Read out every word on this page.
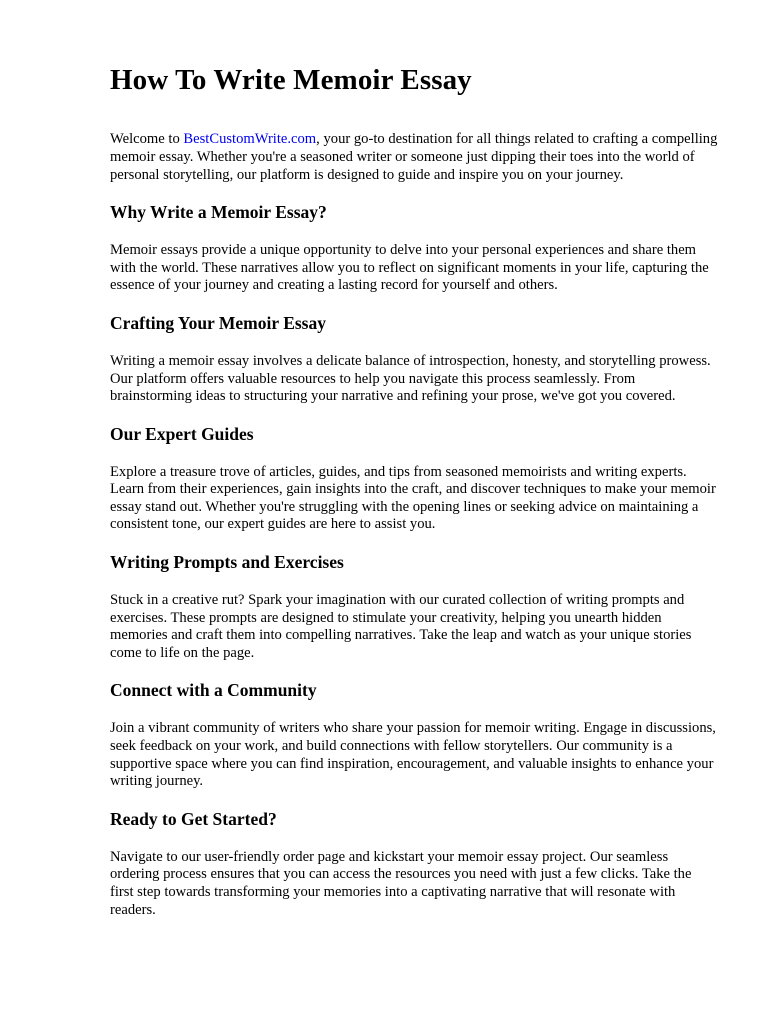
How To Write Memoir Essay

Welcome to BestCustomWrite.com, your go-to destination for all things related to crafting a compelling memoir essay. Whether you're a seasoned writer or someone just dipping their toes into the world of personal storytelling, our platform is designed to guide and inspire you on your journey.

Why Write a Memoir Essay?

Memoir essays provide a unique opportunity to delve into your personal experiences and share them with the world. These narratives allow you to reflect on significant moments in your life, capturing the essence of your journey and creating a lasting record for yourself and others.

Crafting Your Memoir Essay

Writing a memoir essay involves a delicate balance of introspection, honesty, and storytelling prowess. Our platform offers valuable resources to help you navigate this process seamlessly. From brainstorming ideas to structuring your narrative and refining your prose, we've got you covered.

Our Expert Guides

Explore a treasure trove of articles, guides, and tips from seasoned memoirists and writing experts. Learn from their experiences, gain insights into the craft, and discover techniques to make your memoir essay stand out. Whether you're struggling with the opening lines or seeking advice on maintaining a consistent tone, our expert guides are here to assist you.

Writing Prompts and Exercises

Stuck in a creative rut? Spark your imagination with our curated collection of writing prompts and exercises. These prompts are designed to stimulate your creativity, helping you unearth hidden memories and craft them into compelling narratives. Take the leap and watch as your unique stories come to life on the page.

Connect with a Community

Join a vibrant community of writers who share your passion for memoir writing. Engage in discussions, seek feedback on your work, and build connections with fellow storytellers. Our community is a supportive space where you can find inspiration, encouragement, and valuable insights to enhance your writing journey.

Ready to Get Started?

Navigate to our user-friendly order page and kickstart your memoir essay project. Our seamless ordering process ensures that you can access the resources you need with just a few clicks. Take the first step towards transforming your memories into a captivating narrative that will resonate with readers.
